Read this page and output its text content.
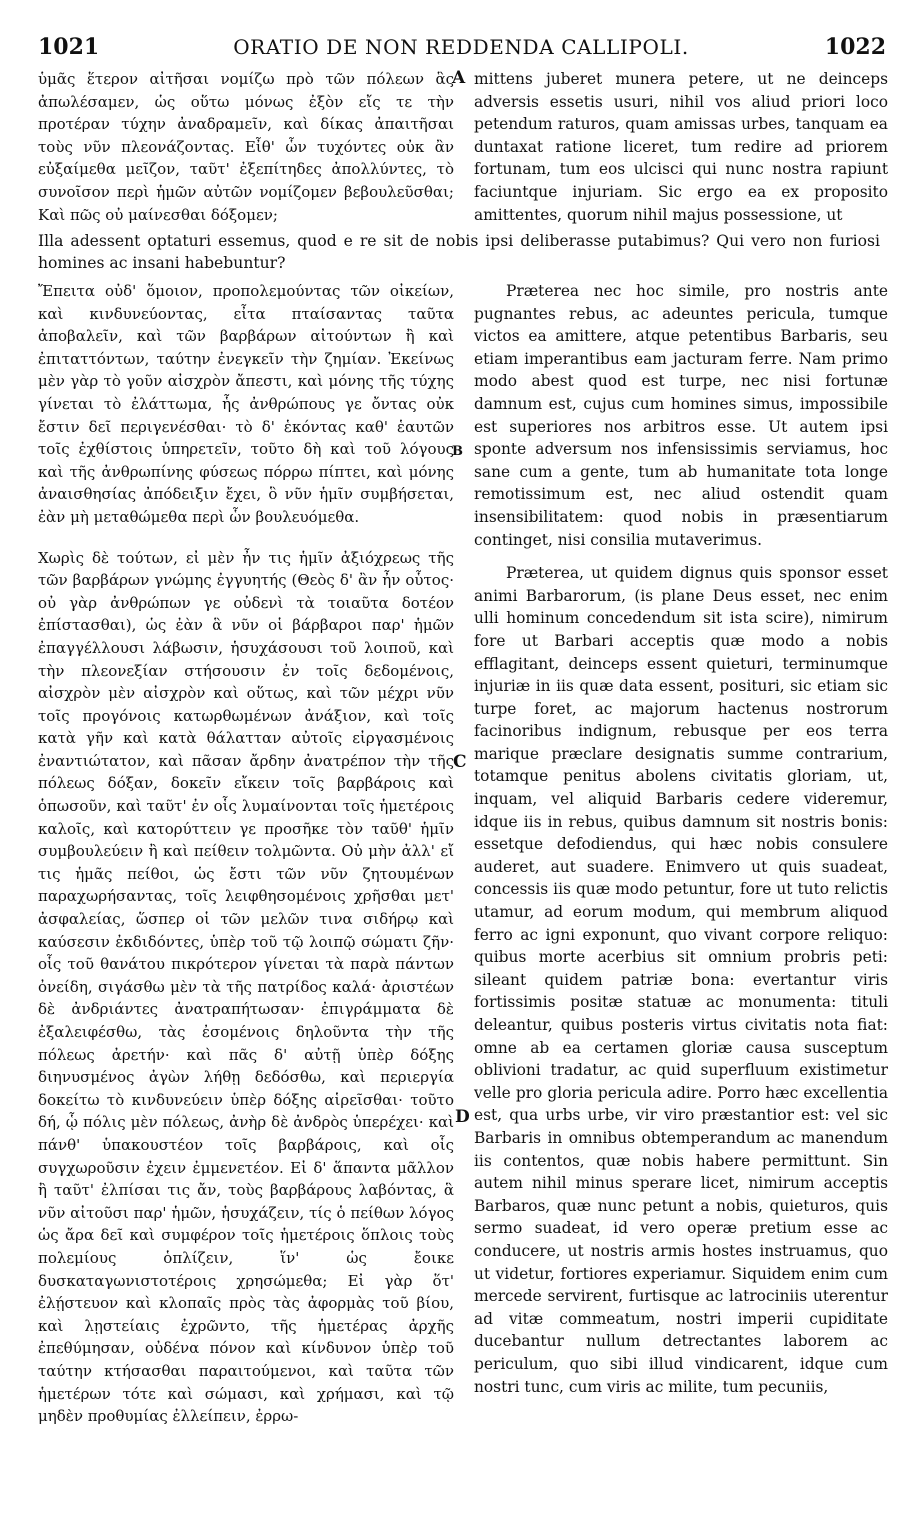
1021	ORATIO DE NON REDDENDA CALLIPOLI.	1022

ὑμᾶς ἕτερον αἰτῆσαι νομίζω πρὸ τῶν πόλεων ἃς ἀπωλέσαμεν, ὡς οὕτω μόνως ἐξὸν εἴς τε τὴν προτέραν τύχην ἀναδραμεῖν, καὶ δίκας ἀπαιτῆσαι τοὺς νῦν πλεονάζοντας. Εἶθ' ὧν τυχόντες οὐκ ἂν εὐξαίμεθα μεῖζον, ταῦτ' ἐξεπίτηδες ἀπολλύντες, τὸ συνοῖσον περὶ ἡμῶν αὐτῶν νομίζομεν βεβουλεῦσθαι; Καὶ πῶς οὐ μαίνεσθαι δόξομεν;

mittens juberet munera petere, ut ne deinceps adversis essetis usuri, nihil vos aliud priori loco petendum raturos, quam amissas urbes, tanquam ea duntaxat ratione liceret, tum redire ad priorem fortunam, tum eos ulcisci qui nunc nostra rapiunt faciuntque injuriam. Sic ergo ea ex proposito amittentes, quorum nihil majus possessione, ut

Illa adessent optaturi essemus, quod e re sit de nobis ipsi deliberasse putabimus? Qui vero non furiosi homines ac insani habebuntur?

Ἔπειτα οὐδ' ὅμοιον, προπολεμούντας τῶν οἰκείων, καὶ κινδυνεύοντας, εἶτα πταίσαντας ταῦτα ἀποβαλεῖν, καὶ τῶν βαρβάρων αἰτούντων ἢ καὶ ἐπιταττόντων, ταύτην ἐνεγκεῖν τὴν ζημίαν. Ἐκείνως μὲν γὰρ τὸ γοῦν αἰσχρὸν ἄπεστι, καὶ μόνης τῆς τύχης γίνεται τὸ ἐλάττωμα, ἧς ἀνθρώπους γε ὄντας οὐκ ἔστιν δεῖ περιγενέσθαι· τὸ δ' ἑκόντας καθ' ἑαυτῶν τοῖς ἐχθίστοις ὑπηρετεῖν, τοῦτο δὴ καὶ τοῦ λόγους καὶ τῆς ἀνθρωπίνης φύσεως πόρρω πίπτει, καὶ μόνης ἀναισθησίας ἀπόδειξιν ἔχει, ὃ νῦν ἡμῖν συμβήσεται, ἐὰν μὴ μεταθώμεθα περὶ ὧν βουλευόμεθα.

Χωρὶς δὲ τούτων, εἰ μὲν ἦν τις ἡμῖν ἀξιόχρεως τῆς τῶν βαρβάρων γνώμης ἐγγυητής (Θεὸς δ' ἂν ἦν οὗτος· οὐ γὰρ ἀνθρώπων γε οὐδενὶ τὰ τοιαῦτα δοτέον ἐπίστασθαι), ὡς ἐὰν ἃ νῦν οἱ βάρβαροι παρ' ἡμῶν ἐπαγγέλλουσι λάβωσιν, ἡσυχάσουσι τοῦ λοιποῦ, καὶ τὴν πλεονεξίαν στήσουσιν ἐν τοῖς δεδομένοις, αἰσχρὸν μὲν αἰσχρὸν καὶ οὕτως, καὶ τῶν μέχρι νῦν τοῖς προγόνοις κατωρθωμένων ἀνάξιον, καὶ τοῖς κατὰ γῆν καὶ κατὰ θάλατταν αὐτοῖς εἰργασμένοις ἐναντιώτατον, καὶ πᾶσαν ἄρδην ἀνατρέπον τὴν τῆς πόλεως δόξαν, δοκεῖν εἴκειν τοῖς βαρβάροις καὶ ὁπωσοῦν, καὶ ταῦτ' ἐν οἷς λυμαίνονται τοῖς ἡμετέροις καλοῖς, καὶ κατορύττειν γε προσῆκε τὸν ταῦθ' ἡμῖν συμβουλεύειν ἢ καὶ πείθειν τολμῶντα. Οὐ μὴν ἀλλ' εἴ τις ἡμᾶς πείθοι, ὡς ἔστι τῶν νῦν ζητουμένων παραχωρήσαντας, τοῖς λειφθησομένοις χρῆσθαι μετ' ἀσφαλείας, ὥσπερ οἱ τῶν μελῶν τινα σιδήρῳ καὶ καύσεσιν ἐκδιδόντες, ὑπὲρ τοῦ τῷ λοιπῷ σώματι ζῆν· οἷς τοῦ θανάτου πικρότερον γίνεται τὰ παρὰ πάντων ὀνείδη, σιγάσθω μὲν τὰ τῆς πατρίδος καλά· ἀριστέων δὲ ἀνδριάντες ἀνατραπήτωσαν· ἐπιγράμματα δὲ ἐξαλειφέσθω, τὰς ἐσομένοις δηλοῦντα τὴν τῆς πόλεως ἀρετήν· καὶ πᾶς δ' αὐτῇ ὑπὲρ δόξης διηνυσμένος ἀγὼν λήθῃ δεδόσθω, καὶ περιεργία δοκείτω τὸ κινδυνεύειν ὑπὲρ δόξης αἱρεῖσθαι· τοῦτο δή, ᾧ πόλις μὲν πόλεως, ἀνὴρ δὲ ἀνδρὸς ὑπερέχει· καὶ πάνθ' ὑπακουστέον τοῖς βαρβάροις, καὶ οἷς συγχωροῦσιν ἐχειν ἐμμενετέον. Εἰ δ' ἅπαντα μᾶλλον ἢ ταῦτ' ἐλπίσαι τις ἄν, τοὺς βαρβάρους λαβόντας, ἃ νῦν αἰτοῦσι παρ' ἡμῶν, ἡσυχάζειν, τίς ὁ πείθων λόγος ὡς ἄρα δεῖ καὶ συμφέρον τοῖς ἡμετέροις ὅπλοις τοὺς πολεμίους ὁπλίζειν, ἵν' ὡς ἔοικε δυσκαταγωνιστοτέροις χρησώμεθα; Εἰ γὰρ ὅτ' ἐλῄστευον καὶ κλοπαῖς πρὸς τὰς ἀφορμὰς τοῦ βίου, καὶ λῃστείαις ἐχρῶντο, τῆς ἡμετέρας ἀρχῆς ἐπεθύμησαν, οὐδένα πόνον καὶ κίνδυνον ὑπὲρ τοῦ ταύτην κτήσασθαι παραιτούμενοι, καὶ ταῦτα τῶν ἡμετέρων τότε καὶ σώμασι, καὶ χρήμασι, καὶ τῷ μηδὲν προθυμίας ἐλλείπειν, ἐρρω-

Præterea nec hoc simile, pro nostris ante pugnantes rebus, ac adeuntes pericula, tumque victos ea amittere, atque petentibus Barbaris, seu etiam imperantibus eam jacturam ferre. Nam primo modo abest quod est turpe, nec nisi fortunæ damnum est, cujus cum homines simus, impossibile est superiores nos arbitros esse. Ut autem ipsi sponte adversum nos infensissimis serviamus, hoc sane cum a gente, tum ab humanitate tota longe remotissimum est, nec aliud ostendit quam insensibilitatem: quod nobis in præsentiarum continget, nisi consilia mutaverimus.

Præterea, ut quidem dignus quis sponsor esset animi Barbarorum, (is plane Deus esset, nec enim ulli hominum concedendum sit ista scire), nimirum fore ut Barbari acceptis quæ modo a nobis efflagitant, deinceps essent quieturi, terminumque injuriæ in iis quæ data essent, posituri, sic etiam sic turpe foret, ac majorum hactenus nostrorum facinoribus indignum, rebusque per eos terra marique præclare designatis summe contrarium, totamque penitus abolens civitatis gloriam, ut, inquam, vel aliquid Barbaris cedere videremur, idque iis in rebus, quibus damnum sit nostris bonis: essetque defodiendus, qui hæc nobis consulere auderet, aut suadere. Enimvero ut quis suadeat, concessis iis quæ modo petuntur, fore ut tuto relictis utamur, ad eorum modum, qui membrum aliquod ferro ac igni exponunt, quo vivant corpore reliquo: quibus morte acerbius sit omnium probris peti: sileant quidem patriæ bona: evertantur viris fortissimis positæ statuæ ac monumenta: tituli deleantur, quibus posteris virtus civitatis nota fiat: omne ab ea certamen gloriæ causa susceptum oblivioni tradatur, ac quid superfluum existimetur velle pro gloria pericula adire. Porro hæc excellentia est, qua urbs urbe, vir viro præstantior est: vel sic Barbaris in omnibus obtemperandum ac manendum iis contentos, quæ nobis habere permittunt. Sin autem nihil minus sperare licet, nimirum acceptis Barbaros, quæ nunc petunt a nobis, quieturos, quis sermo suadeat, id vero operæ pretium esse ac conducere, ut nostris armis hostes instruamus, quo ut videtur, fortiores experiamur. Siquidem enim cum mercede servirent, furtisque ac latrociniis uterentur ad vitæ commeatum, nostri imperii cupiditate ducebantur nullum detrectantes laborem ac periculum, quo sibi illud vindicarent, idque cum nostri tunc, cum viris ac milite, tum pecuniis,

A
B
C
D
